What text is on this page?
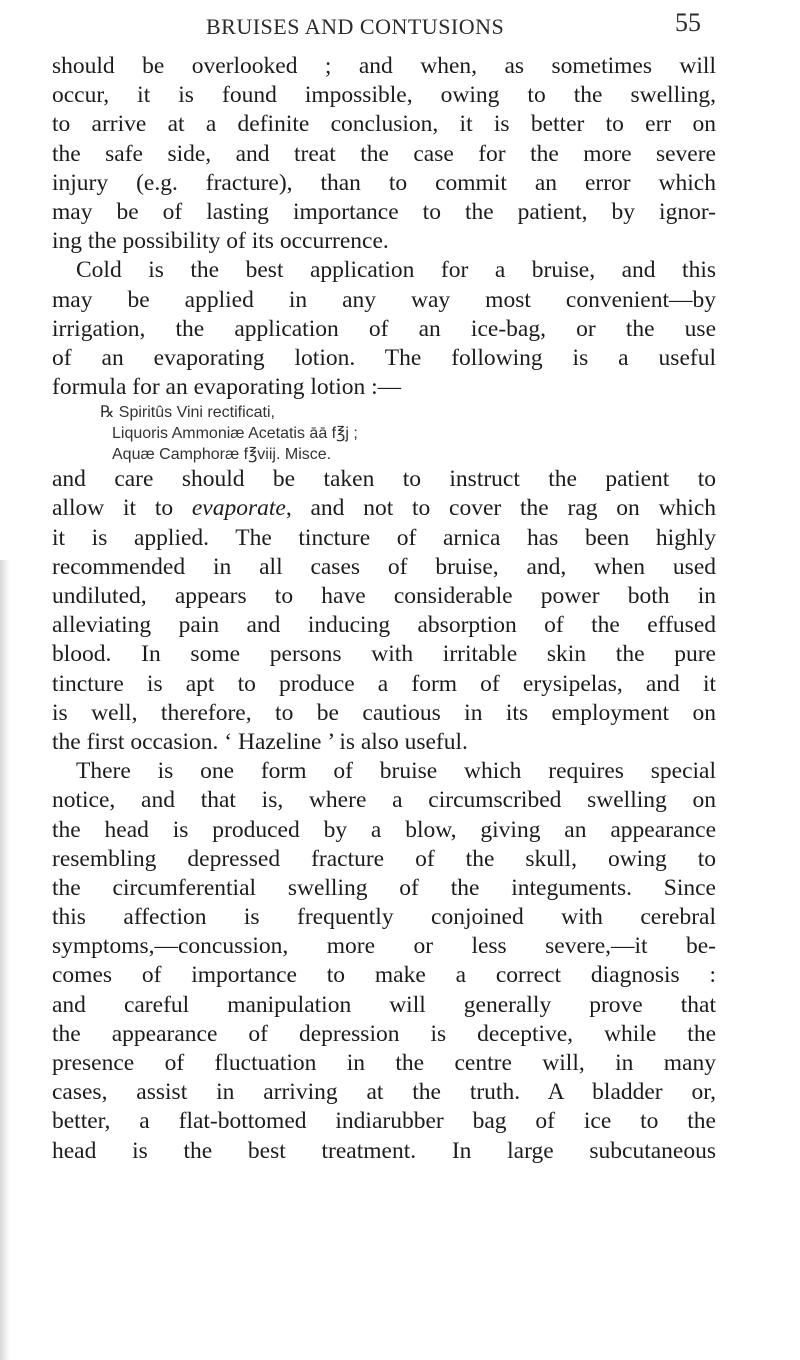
BRUISES AND CONTUSIONS	55
should be overlooked ; and when, as sometimes will
occur, it is found impossible, owing to the swelling,
to arrive at a definite conclusion, it is better to err on
the safe side, and treat the case for the more severe
injury (e.g. fracture), than to commit an error which
may be of lasting importance to the patient, by ignor-
ing the possibility of its occurrence.
Cold is the best application for a bruise, and this
may be applied in any way most convenient—by
irrigation, the application of an ice-bag, or the use
of an evaporating lotion. The following is a useful
formula for an evaporating lotion :—
℞ Spiritûs Vini rectificati,
Liquoris Ammoniæ Acetatis āā f℥j ;
Aquæ Camphoræ f℥viij. Misce.
and care should be taken to instruct the patient to
allow it to evaporate, and not to cover the rag on which
it is applied. The tincture of arnica has been highly
recommended in all cases of bruise, and, when used
undiluted, appears to have considerable power both in
alleviating pain and inducing absorption of the effused
blood. In some persons with irritable skin the pure
tincture is apt to produce a form of erysipelas, and it
is well, therefore, to be cautious in its employment on
the first occasion. ‘ Hazeline ’ is also useful.
There is one form of bruise which requires special
notice, and that is, where a circumscribed swelling on
the head is produced by a blow, giving an appearance
resembling depressed fracture of the skull, owing to
the circumferential swelling of the integuments. Since
this affection is frequently conjoined with cerebral
symptoms,—concussion, more or less severe,—it be-
comes of importance to make a correct diagnosis :
and careful manipulation will generally prove that
the appearance of depression is deceptive, while the
presence of fluctuation in the centre will, in many
cases, assist in arriving at the truth. A bladder or,
better, a flat-bottomed indiarubber bag of ice to the
head is the best treatment. In large subcutaneous
